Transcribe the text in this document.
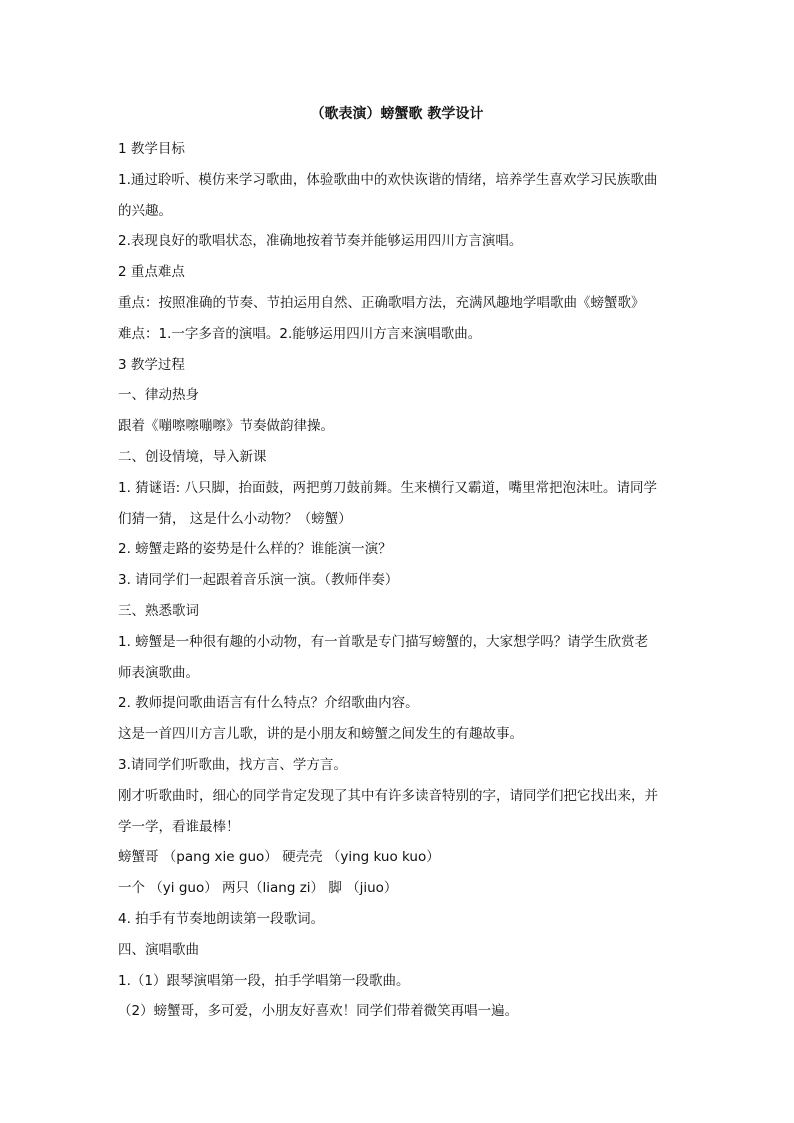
（歌表演）螃蟹歌 教学设计

1 教学目标

1.通过聆听、模仿来学习歌曲，体验歌曲中的欢快诙谐的情绪，培养学生喜欢学习民族歌曲

的兴趣。

2.表现良好的歌唱状态，准确地按着节奏并能够运用四川方言演唱。

2 重点难点

重点：按照准确的节奏、节拍运用自然、正确歌唱方法，充满风趣地学唱歌曲《螃蟹歌》

难点：1.一字多音的演唱。2.能够运用四川方言来演唱歌曲。

3 教学过程

一、律动热身

跟着《嘣嚓嚓嘣嚓》节奏做韵律操。

二、创设情境，导入新课

1. 猜谜语: 八只脚，抬面鼓，两把剪刀鼓前舞。生来横行又霸道，嘴里常把泡沫吐。请同学

们猜一猜， 这是什么小动物？（螃蟹）

2. 螃蟹走路的姿势是什么样的？谁能演一演？

3. 请同学们一起跟着音乐演一演。（教师伴奏）

三、熟悉歌词

1. 螃蟹是一种很有趣的小动物，有一首歌是专门描写螃蟹的，大家想学吗？请学生欣赏老

师表演歌曲。

2. 教师提问歌曲语言有什么特点？介绍歌曲内容。

这是一首四川方言儿歌，讲的是小朋友和螃蟹之间发生的有趣故事。

3.请同学们听歌曲，找方言、学方言。

刚才听歌曲时，细心的同学肯定发现了其中有许多读音特别的字，请同学们把它找出来，并

学一学，看谁最棒！

螃蟹哥 （pang xie guo） 硬壳壳 （ying kuo kuo）

一个 （yi guo） 两只（liang zi） 脚 （jiuo）

4. 拍手有节奏地朗读第一段歌词。

四、演唱歌曲

1.（1）跟琴演唱第一段，拍手学唱第一段歌曲。

（2）螃蟹哥，多可爱，小朋友好喜欢！同学们带着微笑再唱一遍。
